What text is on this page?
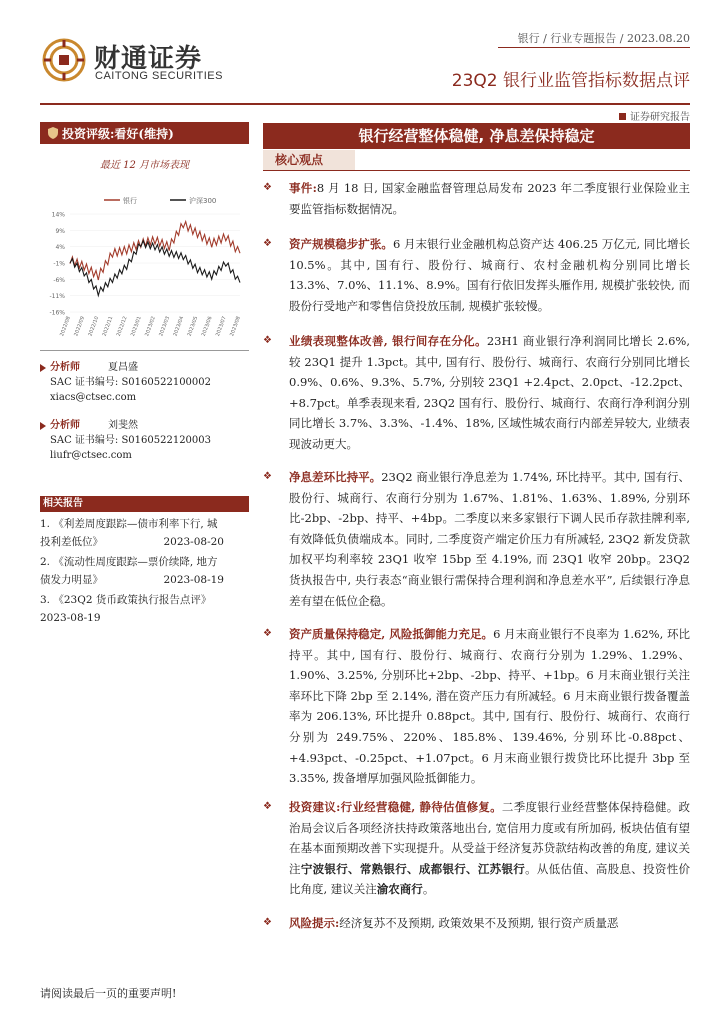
财通证券
CAITONG SECURITIES
银行 / 行业专题报告 / 2023.08.20
23Q2 银行业监管指标数据点评
证券研究报告
投资评级:看好(维持)
最近 12 月市场表现
银行	沪深300
14%
9%
4%
-1%
-6%
-11%
-16%
2022/08 2022/09 2022/10 2022/11 2022/12 2023/01 2023/02 2023/03 2023/04 2023/05 2023/06 2023/07 2023/08
分析师	夏昌盛
SAC 证书编号: S0160522100002
xiacs@ctsec.com
分析师	刘斐然
SAC 证书编号: S0160522120003
liufr@ctsec.com
相关报告
1. 《利差周度跟踪—债市利率下行, 城
投利差低位》	2023-08-20
2. 《流动性周度跟踪—票价续降, 地方
债发力明显》	2023-08-19
3. 《23Q2 货币政策执行报告点评》
2023-08-19
银行经营整体稳健, 净息差保持稳定
核心观点
❖	事件:8 月 18 日, 国家金融监督管理总局发布 2023 年二季度银行业保险业主要监管指标数据情况。
❖	资产规模稳步扩张。6 月末银行业金融机构总资产达 406.25 万亿元, 同比增长 10.5%。其中, 国有行、股份行、城商行、农村金融机构分别同比增长 13.3%、7.0%、11.1%、8.9%。国有行依旧发挥头雁作用, 规模扩张较快, 而股份行受地产和零售信贷投放压制, 规模扩张较慢。
❖	业绩表现整体改善, 银行间存在分化。23H1 商业银行净利润同比增长 2.6%, 较 23Q1 提升 1.3pct。其中, 国有行、股份行、城商行、农商行分别同比增长 0.9%、0.6%、9.3%、5.7%, 分别较 23Q1 +2.4pct、2.0pct、-12.2pct、+8.7pct。单季表现来看, 23Q2 国有行、股份行、城商行、农商行净利润分别同比增长 3.7%、3.3%、-1.4%、18%, 区域性城农商行内部差异较大, 业绩表现波动更大。
❖	净息差环比持平。23Q2 商业银行净息差为 1.74%, 环比持平。其中, 国有行、股份行、城商行、农商行分别为 1.67%、1.81%、1.63%、1.89%, 分别环比-2bp、-2bp、持平、+4bp。二季度以来多家银行下调人民币存款挂牌利率, 有效降低负债端成本。同时, 二季度资产端定价压力有所减轻, 23Q2 新发贷款加权平均利率较 23Q1 收窄 15bp 至 4.19%, 而 23Q1 收窄 20bp。23Q2 货执报告中, 央行表态“商业银行需保持合理利润和净息差水平”, 后续银行净息差有望在低位企稳。
❖	资产质量保持稳定, 风险抵御能力充足。6 月末商业银行不良率为 1.62%, 环比持平。其中, 国有行、股份行、城商行、农商行分别为 1.29%、1.29%、1.90%、3.25%, 分别环比+2bp、-2bp、持平、+1bp。6 月末商业银行关注率环比下降 2bp 至 2.14%, 潜在资产压力有所减轻。6 月末商业银行拨备覆盖率为 206.13%, 环比提升 0.88pct。其中, 国有行、股份行、城商行、农商行分别为 249.75%、220%、185.8%、139.46%, 分别环比-0.88pct、+4.93pct、-0.25pct、+1.07pct。6 月末商业银行拨贷比环比提升 3bp 至 3.35%, 拨备增厚加强风险抵御能力。
❖	投资建议:行业经营稳健, 静待估值修复。二季度银行业经营整体保持稳健。政治局会议后各项经济扶持政策落地出台, 宽信用力度或有所加码, 板块估值有望在基本面预期改善下实现提升。从受益于经济复苏贷款结构改善的角度, 建议关注宁波银行、常熟银行、成都银行、江苏银行。从低估值、高股息、投资性价比角度, 建议关注渝农商行。
❖	风险提示:经济复苏不及预期, 政策效果不及预期, 银行资产质量恶
请阅读最后一页的重要声明!
